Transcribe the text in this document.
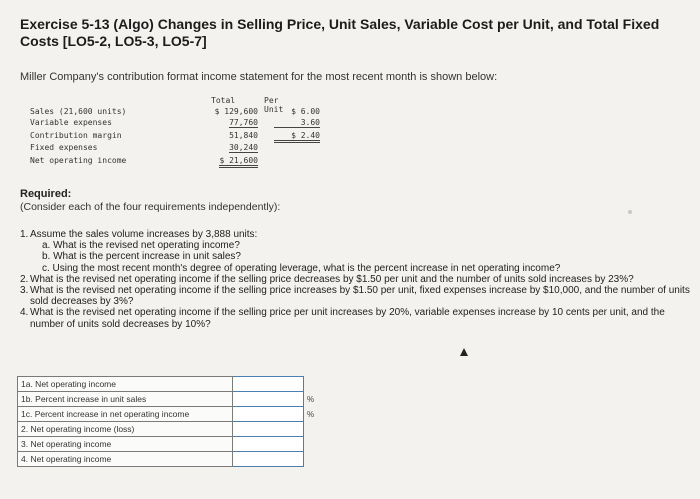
Exercise 5-13 (Algo) Changes in Selling Price, Unit Sales, Variable Cost per Unit, and Total Fixed Costs [LO5-2, LO5-3, LO5-7]
Miller Company's contribution format income statement for the most recent month is shown below:
Total	Per Unit
Sales (21,600 units)	$ 129,600	$ 6.00
Variable expenses	77,760	3.60
Contribution margin	51,840	$ 2.40
Fixed expenses	30,240
Net operating income	$ 21,600
Required:
(Consider each of the four requirements independently):
1. Assume the sales volume increases by 3,888 units:
a. What is the revised net operating income?
b. What is the percent increase in unit sales?
c. Using the most recent month's degree of operating leverage, what is the percent increase in net operating income?
2. What is the revised net operating income if the selling price decreases by $1.50 per unit and the number of units sold increases by 23%?
3. What is the revised net operating income if the selling price increases by $1.50 per unit, fixed expenses increase by $10,000, and the number of units sold decreases by 3%?
4. What is the revised net operating income if the selling price per unit increases by 20%, variable expenses increase by 10 cents per unit, and the number of units sold decreases by 10%?
1a. Net operating income		
1b. Percent increase in unit sales		%
1c. Percent increase in net operating income		%
2. Net operating income (loss)		
3. Net operating income		
4. Net operating income		
